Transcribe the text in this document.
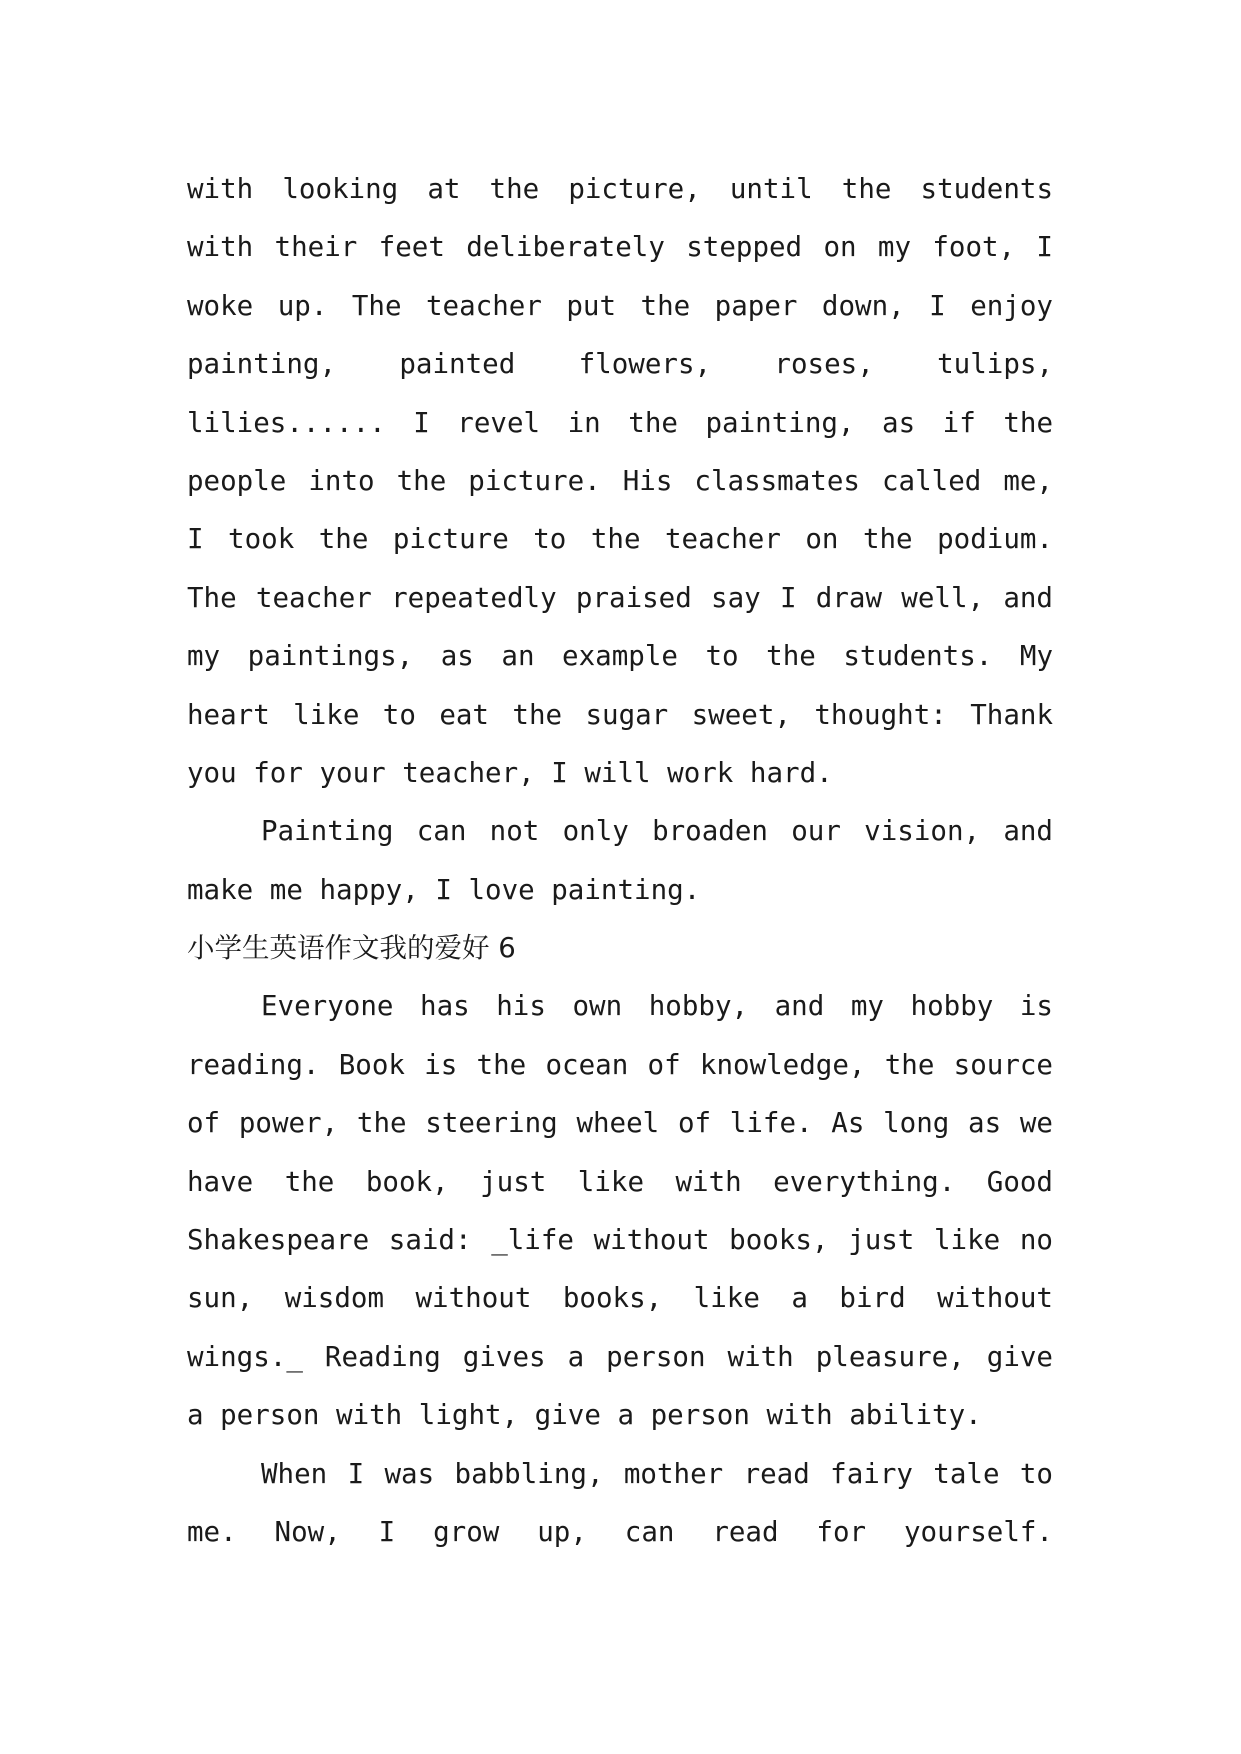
with looking at the picture, until the students
with their feet deliberately stepped on my foot, I
woke up. The teacher put the paper down, I enjoy
painting, painted flowers, roses, tulips,
lilies...... I revel in the painting, as if the
people into the picture. His classmates called me,
I took the picture to the teacher on the podium.
The teacher repeatedly praised say I draw well, and
my paintings, as an example to the students. My
heart like to eat the sugar sweet, thought: Thank
you for your teacher, I will work hard.
Painting can not only broaden our vision, and
make me happy, I love painting.
小学生英语作文我的爱好 6
Everyone has his own hobby, and my hobby is
reading. Book is the ocean of knowledge, the source
of power, the steering wheel of life. As long as we
have the book, just like with everything. Good
Shakespeare said: _life without books, just like no
sun, wisdom without books, like a bird without
wings._ Reading gives a person with pleasure, give
a person with light, give a person with ability.
When I was babbling, mother read fairy tale to
me. Now, I grow up, can read for yourself.
